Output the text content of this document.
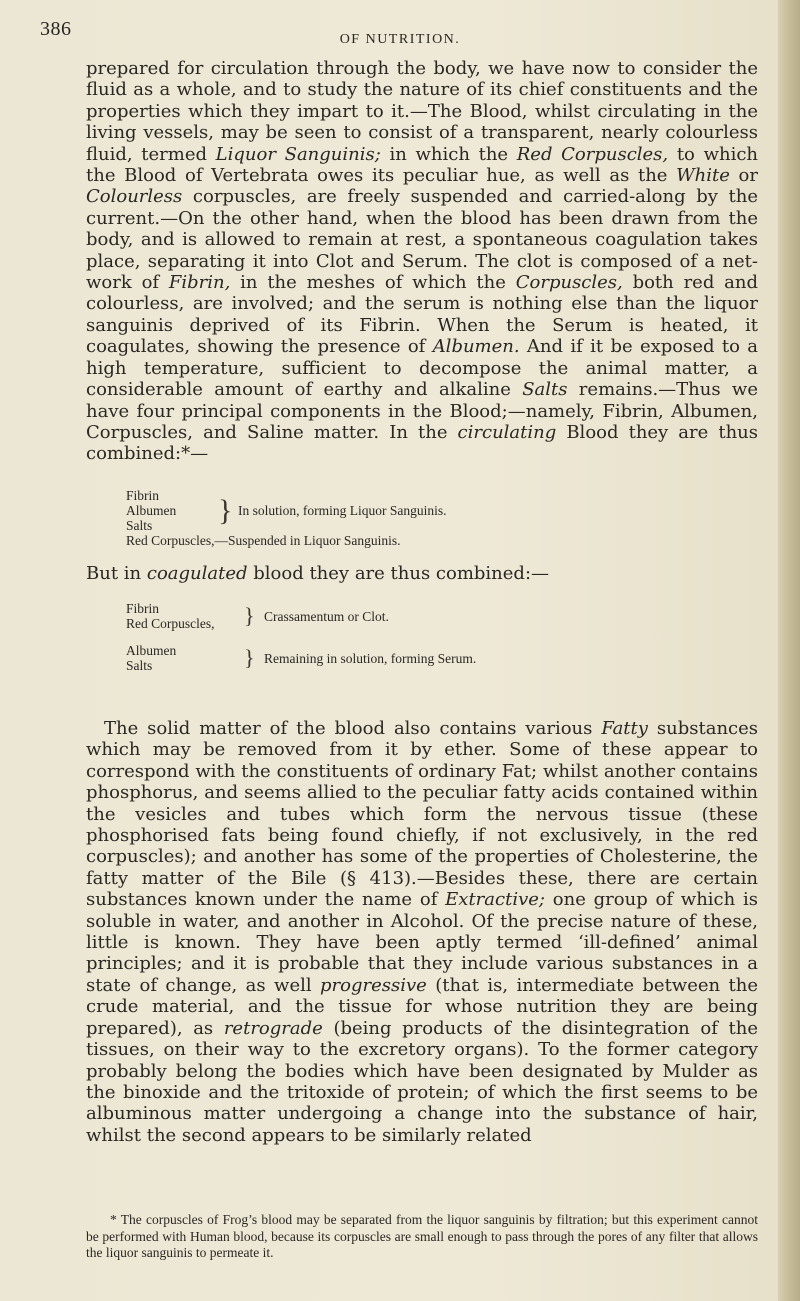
386	OF NUTRITION.

prepared for circulation through the body, we have now to consider the fluid as a whole, and to study the nature of its chief constituents and the properties which they impart to it.—The Blood, whilst circulating in the living vessels, may be seen to consist of a transparent, nearly colourless fluid, termed Liquor Sanguinis; in which the Red Corpuscles, to which the Blood of Vertebrata owes its peculiar hue, as well as the White or Colourless corpuscles, are freely suspended and carried-along by the current.—On the other hand, when the blood has been drawn from the body, and is allowed to remain at rest, a spontaneous coagulation takes place, separating it into Clot and Serum. The clot is composed of a net-work of Fibrin, in the meshes of which the Corpuscles, both red and colourless, are involved; and the serum is nothing else than the liquor sanguinis deprived of its Fibrin. When the Serum is heated, it coagulates, showing the presence of Albumen. And if it be exposed to a high temperature, sufficient to decompose the animal matter, a considerable amount of earthy and alkaline Salts remains.—Thus we have four principal components in the Blood;—namely, Fibrin, Albumen, Corpuscles, and Saline matter. In the circulating Blood they are thus combined:*—

Fibrin
Albumen
Salts	} In solution, forming Liquor Sanguinis.
Red Corpuscles,—Suspended in Liquor Sanguinis.
But in coagulated blood they are thus combined:—
Fibrin
Red Corpuscles,	} Crassamentum or Clot.
Albumen
Salts	} Remaining in solution, forming Serum.

The solid matter of the blood also contains various Fatty substances which may be removed from it by ether. Some of these appear to correspond with the constituents of ordinary Fat; whilst another contains phosphorus, and seems allied to the peculiar fatty acids contained within the vesicles and tubes which form the nervous tissue (these phosphorised fats being found chiefly, if not exclusively, in the red corpuscles); and another has some of the properties of Cholesterine, the fatty matter of the Bile (§ 413).—Besides these, there are certain substances known under the name of Extractive; one group of which is soluble in water, and another in Alcohol. Of the precise nature of these, little is known. They have been aptly termed ‘ill-defined’ animal principles; and it is probable that they include various substances in a state of change, as well progressive (that is, intermediate between the crude material, and the tissue for whose nutrition they are being prepared), as retrograde (being products of the disintegration of the tissues, on their way to the excretory organs). To the former category probably belong the bodies which have been designated by Mulder as the binoxide and the tritoxide of protein; of which the first seems to be albuminous matter undergoing a change into the substance of hair, whilst the second appears to be similarly related

* The corpuscles of Frog’s blood may be separated from the liquor sanguinis by filtration; but this experiment cannot be performed with Human blood, because its corpuscles are small enough to pass through the pores of any filter that allows the liquor sanguinis to permeate it.
